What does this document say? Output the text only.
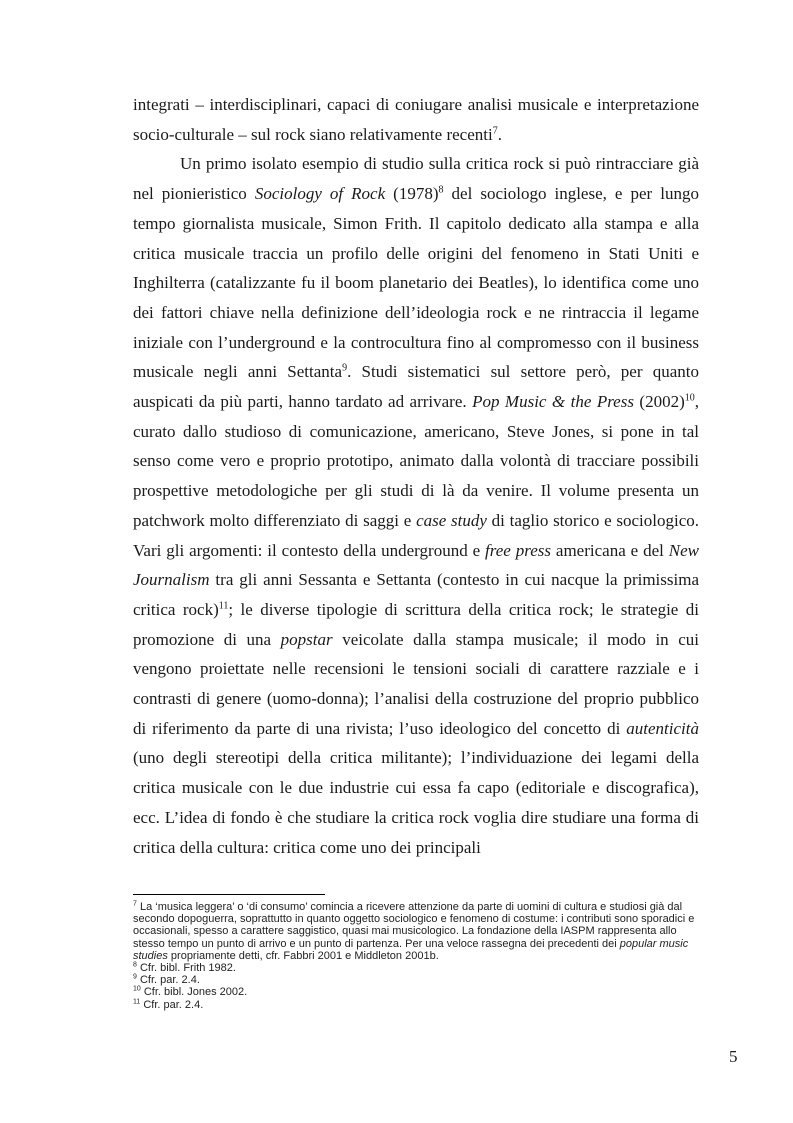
integrati – interdisciplinari, capaci di coniugare analisi musicale e interpretazione socio-culturale – sul rock siano relativamente recenti$^7$.

Un primo isolato esempio di studio sulla critica rock si può rintracciare già nel pionieristico Sociology of Rock $(1978)^8$ del sociologo inglese, e per lungo tempo giornalista musicale, Simon Frith. Il capitolo dedicato alla stampa e alla critica musicale traccia un profilo delle origini del fenomeno in Stati Uniti e Inghilterra (catalizzante fu il boom planetario dei Beatles), lo identifica come uno dei fattori chiave nella definizione dell’ideologia rock e ne rintraccia il legame iniziale con l’underground e la controcultura fino al compromesso con il business musicale negli anni Settanta$^9$. Studi sistematici sul settore però, per quanto auspicati da più parti, hanno tardato ad arrivare. Pop Music & the Press $(2002)^{10}$, curato dallo studioso di comunicazione, americano, Steve Jones, si pone in tal senso come vero e proprio prototipo, animato dalla volontà di tracciare possibili prospettive metodologiche per gli studi di là da venire. Il volume presenta un patchwork molto differenziato di saggi e case study di taglio storico e sociologico. Vari gli argomenti: il contesto della underground e free press americana e del New Journalism tra gli anni Sessanta e Settanta (contesto in cui nacque la primissima critica rock)$^{11}$; le diverse tipologie di scrittura della critica rock; le strategie di promozione di una popstar veicolate dalla stampa musicale; il modo in cui vengono proiettate nelle recensioni le tensioni sociali di carattere razziale e i contrasti di genere (uomo-donna); l’analisi della costruzione del proprio pubblico di riferimento da parte di una rivista; l’uso ideologico del concetto di autenticità (uno degli stereotipi della critica militante); l’individuazione dei legami della critica musicale con le due industrie cui essa fa capo (editoriale e discografica), ecc. L’idea di fondo è che studiare la critica rock voglia dire studiare una forma di critica della cultura: critica come uno dei principali

$^7$ La ‘musica leggera’ o ‘di consumo’ comincia a ricevere attenzione da parte di uomini di cultura e studiosi già dal secondo dopoguerra, soprattutto in quanto oggetto sociologico e fenomeno di costume: i contributi sono sporadici e occasionali, spesso a carattere saggistico, quasi mai musicologico. La fondazione della IASPM rappresenta allo stesso tempo un punto di arrivo e un punto di partenza. Per una veloce rassegna dei precedenti dei popular music studies propriamente detti, cfr. Fabbri 2001 e Middleton 2001b.

$^8$ Cfr. bibl. Frith 1982.

$^9$ Cfr. par. 2.4.

$^{10}$ Cfr. bibl. Jones 2002.

$^{11}$ Cfr. par. 2.4.

5
